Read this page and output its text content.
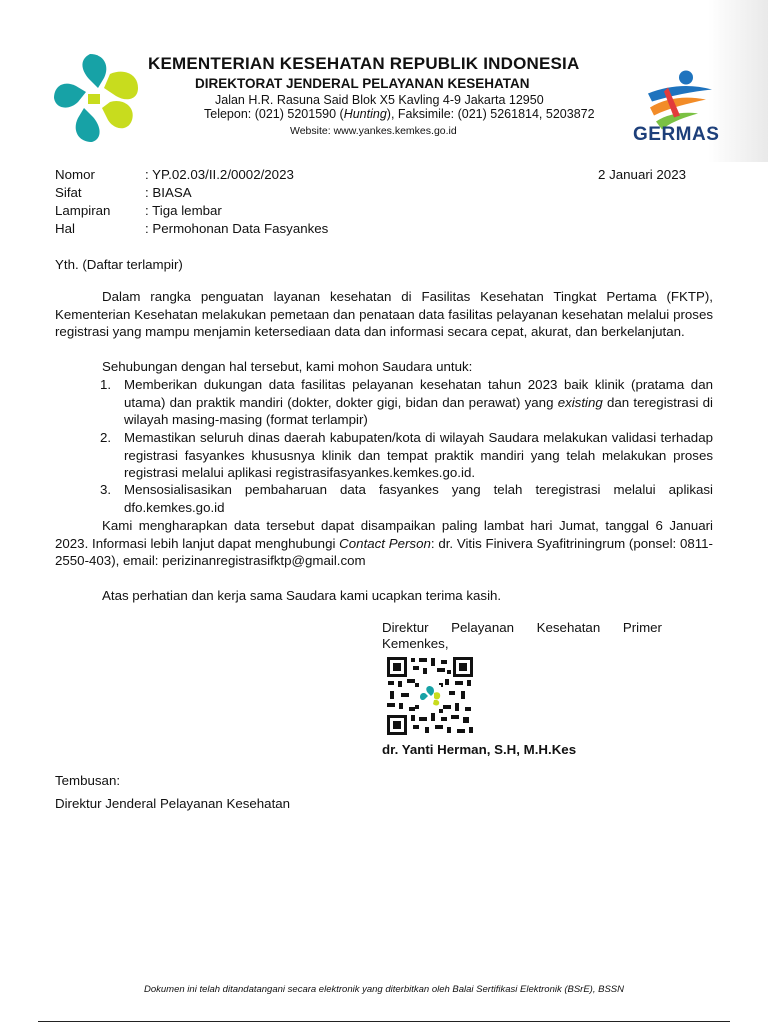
KEMENTERIAN KESEHATAN REPUBLIK INDONESIA
DIREKTORAT JENDERAL PELAYANAN KESEHATAN
Jalan H.R. Rasuna Said Blok X5 Kavling 4-9 Jakarta 12950
Telepon: (021) 5201590 (Hunting), Faksimile: (021) 5261814, 5203872
Website: www.yankes.kemkes.go.id	GERMAS
2 Januari 2023
Nomor	: YP.02.03/II.2/0002/2023
Sifat	: BIASA
Lampiran	: Tiga lembar
Hal	: Permohonan Data Fasyankes
Yth. (Daftar terlampir)
Dalam rangka penguatan layanan kesehatan di Fasilitas Kesehatan Tingkat Pertama (FKTP), Kementerian Kesehatan melakukan pemetaan dan penataan data fasilitas pelayanan kesehatan melalui proses registrasi yang mampu menjamin ketersediaan data dan informasi secara cepat, akurat, dan berkelanjutan.
Sehubungan dengan hal tersebut, kami mohon Saudara untuk:
1. Memberikan dukungan data fasilitas pelayanan kesehatan tahun 2023 baik klinik (pratama dan utama) dan praktik mandiri (dokter, dokter gigi, bidan dan perawat) yang existing dan teregistrasi di wilayah masing-masing (format terlampir)
2. Memastikan seluruh dinas daerah kabupaten/kota di wilayah Saudara melakukan validasi terhadap registrasi fasyankes khususnya klinik dan tempat praktik mandiri yang telah melakukan proses registrasi melalui aplikasi registrasifasyankes.kemkes.go.id.
3. Mensosialisasikan pembaharuan data fasyankes yang telah teregistrasi melalui aplikasi dfo.kemkes.go.id
Kami mengharapkan data tersebut dapat disampaikan paling lambat hari Jumat, tanggal 6 Januari 2023. Informasi lebih lanjut dapat menghubungi Contact Person: dr. Vitis Finivera Syafitriningrum (ponsel: 0811-2550-403), email: perizinanregistrasifktp@gmail.com
Atas perhatian dan kerja sama Saudara kami ucapkan terima kasih.
Direktur Pelayanan Kesehatan Primer Kemenkes,
dr. Yanti Herman, S.H, M.H.Kes
Tembusan:
Direktur Jenderal Pelayanan Kesehatan
Dokumen ini telah ditandatangani secara elektronik yang diterbitkan oleh Balai Sertifikasi Elektronik (BSrE), BSSN
